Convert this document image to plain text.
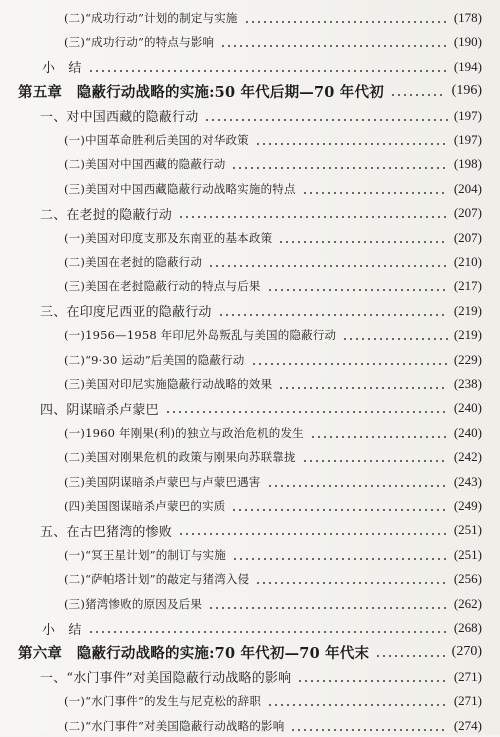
(二)“成功行动”计划的制定与实施	(178)
(三)“成功行动”的特点与影响	(190)
小　结	(194)
第五章　隐蔽行动战略的实施:50 年代后期—70 年代初	(196)
一、对中国西藏的隐蔽行动	(197)
(一)中国革命胜利后美国的对华政策	(197)
(二)美国对中国西藏的隐蔽行动	(198)
(三)美国对中国西藏隐蔽行动战略实施的特点	(204)
二、在老挝的隐蔽行动	(207)
(一)美国对印度支那及东南亚的基本政策	(207)
(二)美国在老挝的隐蔽行动	(210)
(三)美国在老挝隐蔽行动的特点与后果	(217)
三、在印度尼西亚的隐蔽行动	(219)
(一)1956—1958 年印尼外岛叛乱与美国的隐蔽行动	(219)
(二)“9·30 运动”后美国的隐蔽行动	(229)
(三)美国对印尼实施隐蔽行动战略的效果	(238)
四、阴谋暗杀卢蒙巴	(240)
(一)1960 年刚果(利)的独立与政治危机的发生	(240)
(二)美国对刚果危机的政策与刚果向苏联靠拢	(242)
(三)美国阴谋暗杀卢蒙巴与卢蒙巴遇害	(243)
(四)美国图谋暗杀卢蒙巴的实质	(249)
五、在古巴猪湾的惨败	(251)
(一)“冥王星计划”的制订与实施	(251)
(二)“萨帕塔计划”的敲定与猪湾入侵	(256)
(三)猪湾惨败的原因及后果	(262)
小　结	(268)
第六章　隐蔽行动战略的实施:70 年代初—70 年代末	(270)
一、“水门事件”对美国隐蔽行动战略的影响	(271)
(一)“水门事件”的发生与尼克松的辞职	(271)
(二)“水门事件”对美国隐蔽行动战略的影响	(274)
